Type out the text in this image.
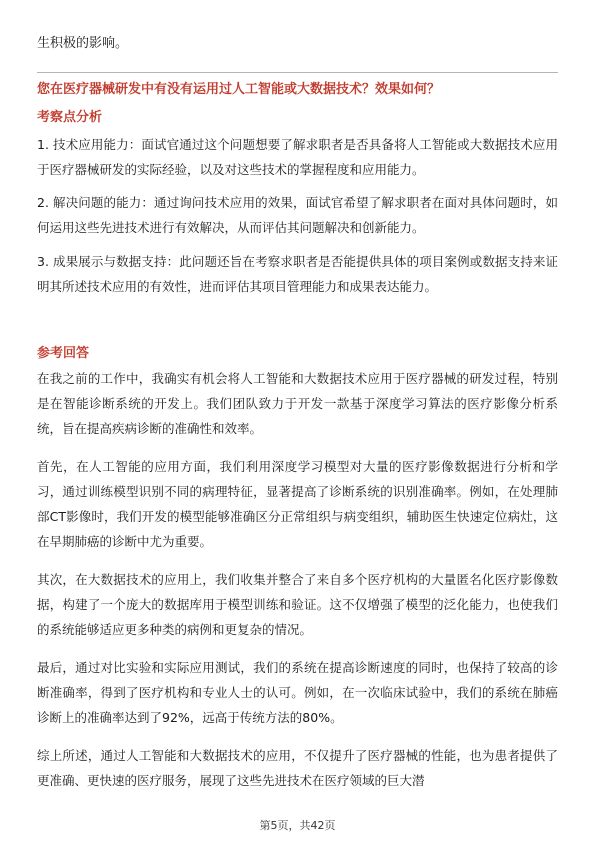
生积极的影响。
您在医疗器械研发中有没有运用过人工智能或大数据技术？效果如何？
考察点分析
1. 技术应用能力：面试官通过这个问题想要了解求职者是否具备将人工智能或大数据技术应用于医疗器械研发的实际经验，以及对这些技术的掌握程度和应用能力。
2. 解决问题的能力：通过询问技术应用的效果，面试官希望了解求职者在面对具体问题时，如何运用这些先进技术进行有效解决，从而评估其问题解决和创新能力。
3. 成果展示与数据支持：此问题还旨在考察求职者是否能提供具体的项目案例或数据支持来证明其所述技术应用的有效性，进而评估其项目管理能力和成果表达能力。
参考回答
在我之前的工作中，我确实有机会将人工智能和大数据技术应用于医疗器械的研发过程，特别是在智能诊断系统的开发上。我们团队致力于开发一款基于深度学习算法的医疗影像分析系统，旨在提高疾病诊断的准确性和效率。
首先，在人工智能的应用方面，我们利用深度学习模型对大量的医疗影像数据进行分析和学习，通过训练模型识别不同的病理特征，显著提高了诊断系统的识别准确率。例如，在处理肺部CT影像时，我们开发的模型能够准确区分正常组织与病变组织，辅助医生快速定位病灶，这在早期肺癌的诊断中尤为重要。
其次，在大数据技术的应用上，我们收集并整合了来自多个医疗机构的大量匿名化医疗影像数据，构建了一个庞大的数据库用于模型训练和验证。这不仅增强了模型的泛化能力，也使我们的系统能够适应更多种类的病例和更复杂的情况。
最后，通过对比实验和实际应用测试，我们的系统在提高诊断速度的同时，也保持了较高的诊断准确率，得到了医疗机构和专业人士的认可。例如，在一次临床试验中，我们的系统在肺癌诊断上的准确率达到了92%，远高于传统方法的80%。
综上所述，通过人工智能和大数据技术的应用，不仅提升了医疗器械的性能，也为患者提供了更准确、更快速的医疗服务，展现了这些先进技术在医疗领域的巨大潜
第5页，共42页
